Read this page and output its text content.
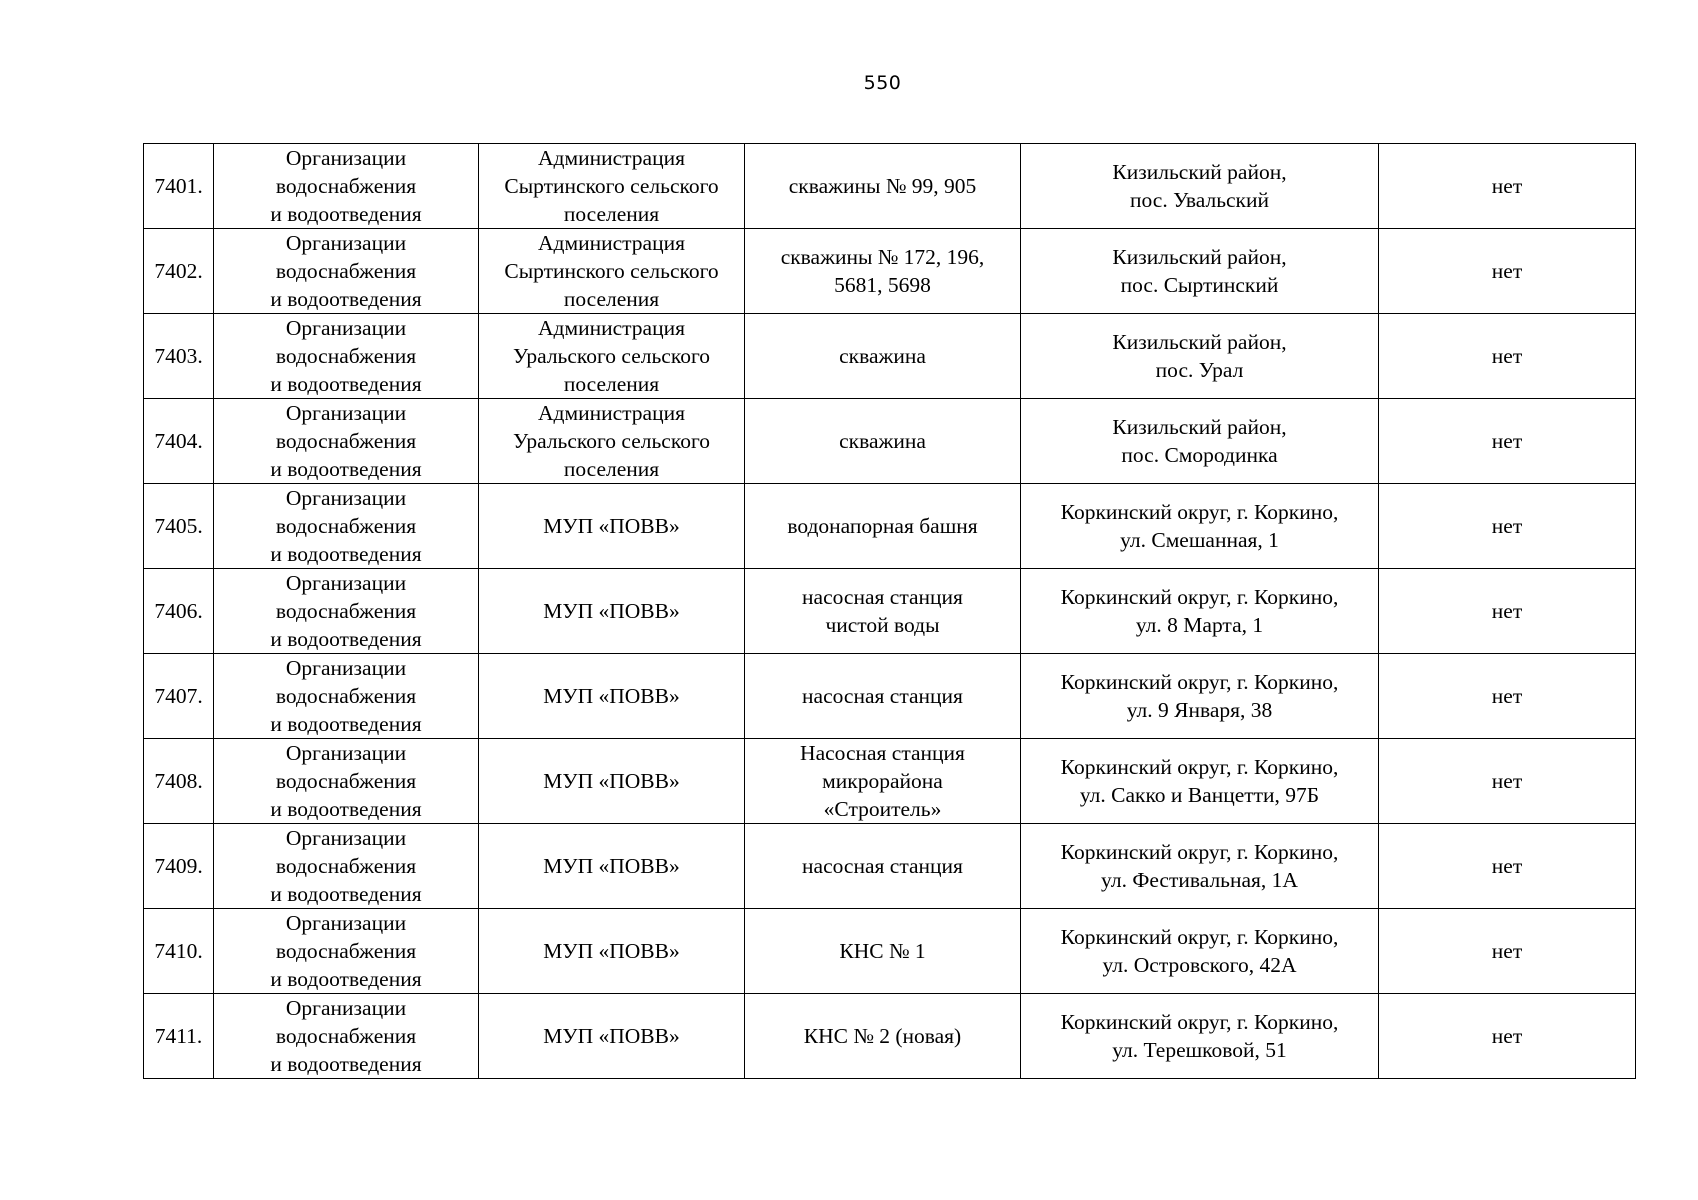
550
7401.	Организации
водоснабжения
и водоотведения	Администрация
Сыртинского сельского
поселения	скважины № 99, 905	Кизильский район,
пос. Увальский	нет
7402.	Организации
водоснабжения
и водоотведения	Администрация
Сыртинского сельского
поселения	скважины № 172, 196,
5681, 5698	Кизильский район,
пос. Сыртинский	нет
7403.	Организации
водоснабжения
и водоотведения	Администрация
Уральского сельского
поселения	скважина	Кизильский район,
пос. Урал	нет
7404.	Организации
водоснабжения
и водоотведения	Администрация
Уральского сельского
поселения	скважина	Кизильский район,
пос. Смородинка	нет
7405.	Организации
водоснабжения
и водоотведения	МУП «ПОВВ»	водонапорная башня	Коркинский округ, г. Коркино,
ул. Смешанная, 1	нет
7406.	Организации
водоснабжения
и водоотведения	МУП «ПОВВ»	насосная станция
чистой воды	Коркинский округ, г. Коркино,
ул. 8 Марта, 1	нет
7407.	Организации
водоснабжения
и водоотведения	МУП «ПОВВ»	насосная станция	Коркинский округ, г. Коркино,
ул. 9 Января, 38	нет
7408.	Организации
водоснабжения
и водоотведения	МУП «ПОВВ»	Насосная станция
микрорайона
«Строитель»	Коркинский округ, г. Коркино,
ул. Сакко и Ванцетти, 97Б	нет
7409.	Организации
водоснабжения
и водоотведения	МУП «ПОВВ»	насосная станция	Коркинский округ, г. Коркино,
ул. Фестивальная, 1А	нет
7410.	Организации
водоснабжения
и водоотведения	МУП «ПОВВ»	КНС № 1	Коркинский округ, г. Коркино,
ул. Островского, 42А	нет
7411.	Организации
водоснабжения
и водоотведения	МУП «ПОВВ»	КНС № 2 (новая)	Коркинский округ, г. Коркино,
ул. Терешковой, 51	нет
